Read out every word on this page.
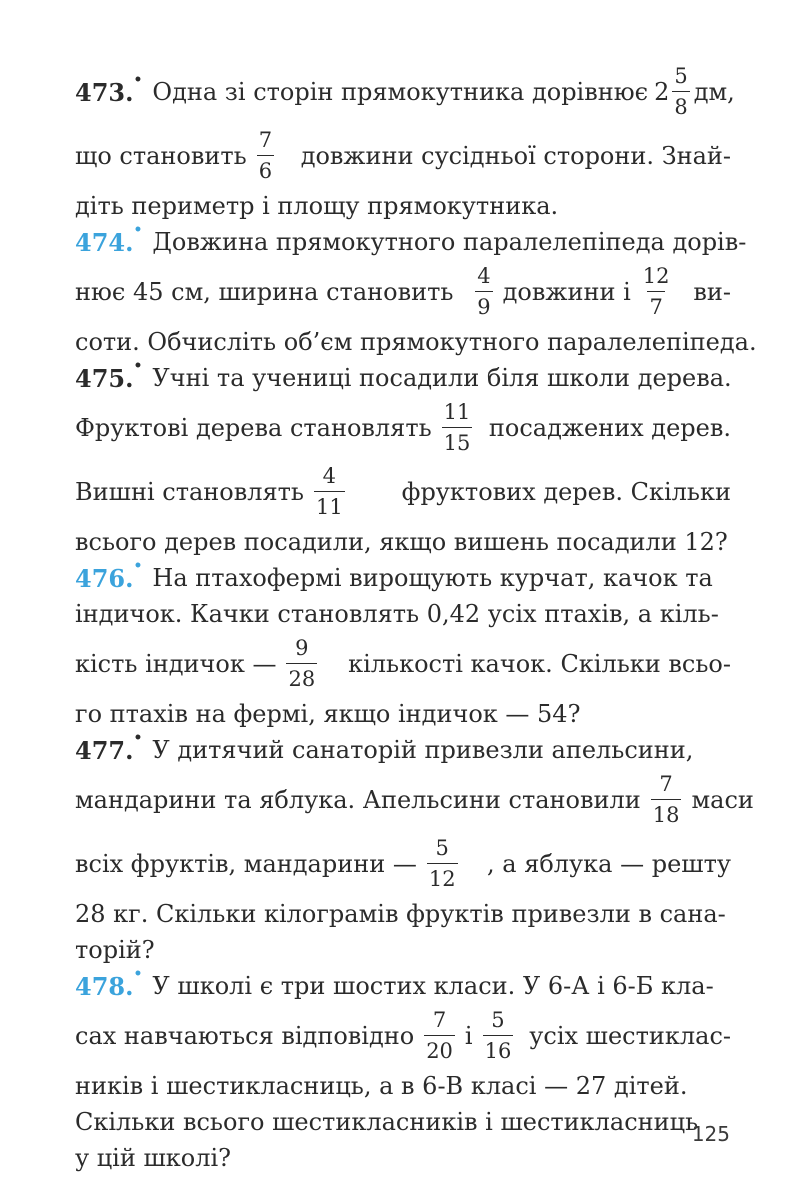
473.• Одна зі сторін прямокутника дорівнює $2 \frac{5}{8}$ дм,
що становить $\frac{7}{6}$ довжини сусідньої сторони. Знай-
діть периметр і площу прямокутника.
474.• Довжина прямокутного паралелепіпеда дорів-
нює 45 см, ширина становить $\frac{4}{9}$ довжини і $\frac{12}{7} ви-$
соти. Обчисліть об’єм прямокутного паралелепіпеда.
475.• Учні та учениці посадили біля школи дерева.
Фруктові дерева становлять $\frac{11}{15}$ посаджених дерев.
Вишні становлять $\frac{4}{11}$ фруктових дерев. Скільки
всього дерев посадили, якщо вишень посадили 12?
476.• На птахофермі вирощують курчат, качок та
індичок. Качки становлять 0,42 усіх птахів, а кіль-
кість індичок — $\frac{9}{28}$ кількості качок. Скільки всьо-
го птахів на фермі, якщо індичок — 54?
477.• У дитячий санаторій привезли апельсини,
мандарини та яблука. Апельсини становили $\frac{7}{18}$ маси
всіх фруктів, мандарини — $\frac{5}{12}$ , а яблука — решту
28 кг. Скільки кілограмів фруктів привезли в сана-
торій?
478.• У школі є три шостих класи. У 6-А і 6-Б кла-
сах навчаються відповідно $\frac{7}{20}$ і $\frac{5}{16}$ усіх шестиклас-
ників і шестикласниць, а в 6-В класі — 27 дітей.
Скільки всього шестикласників і шестикласниць
у цій школі?
125
